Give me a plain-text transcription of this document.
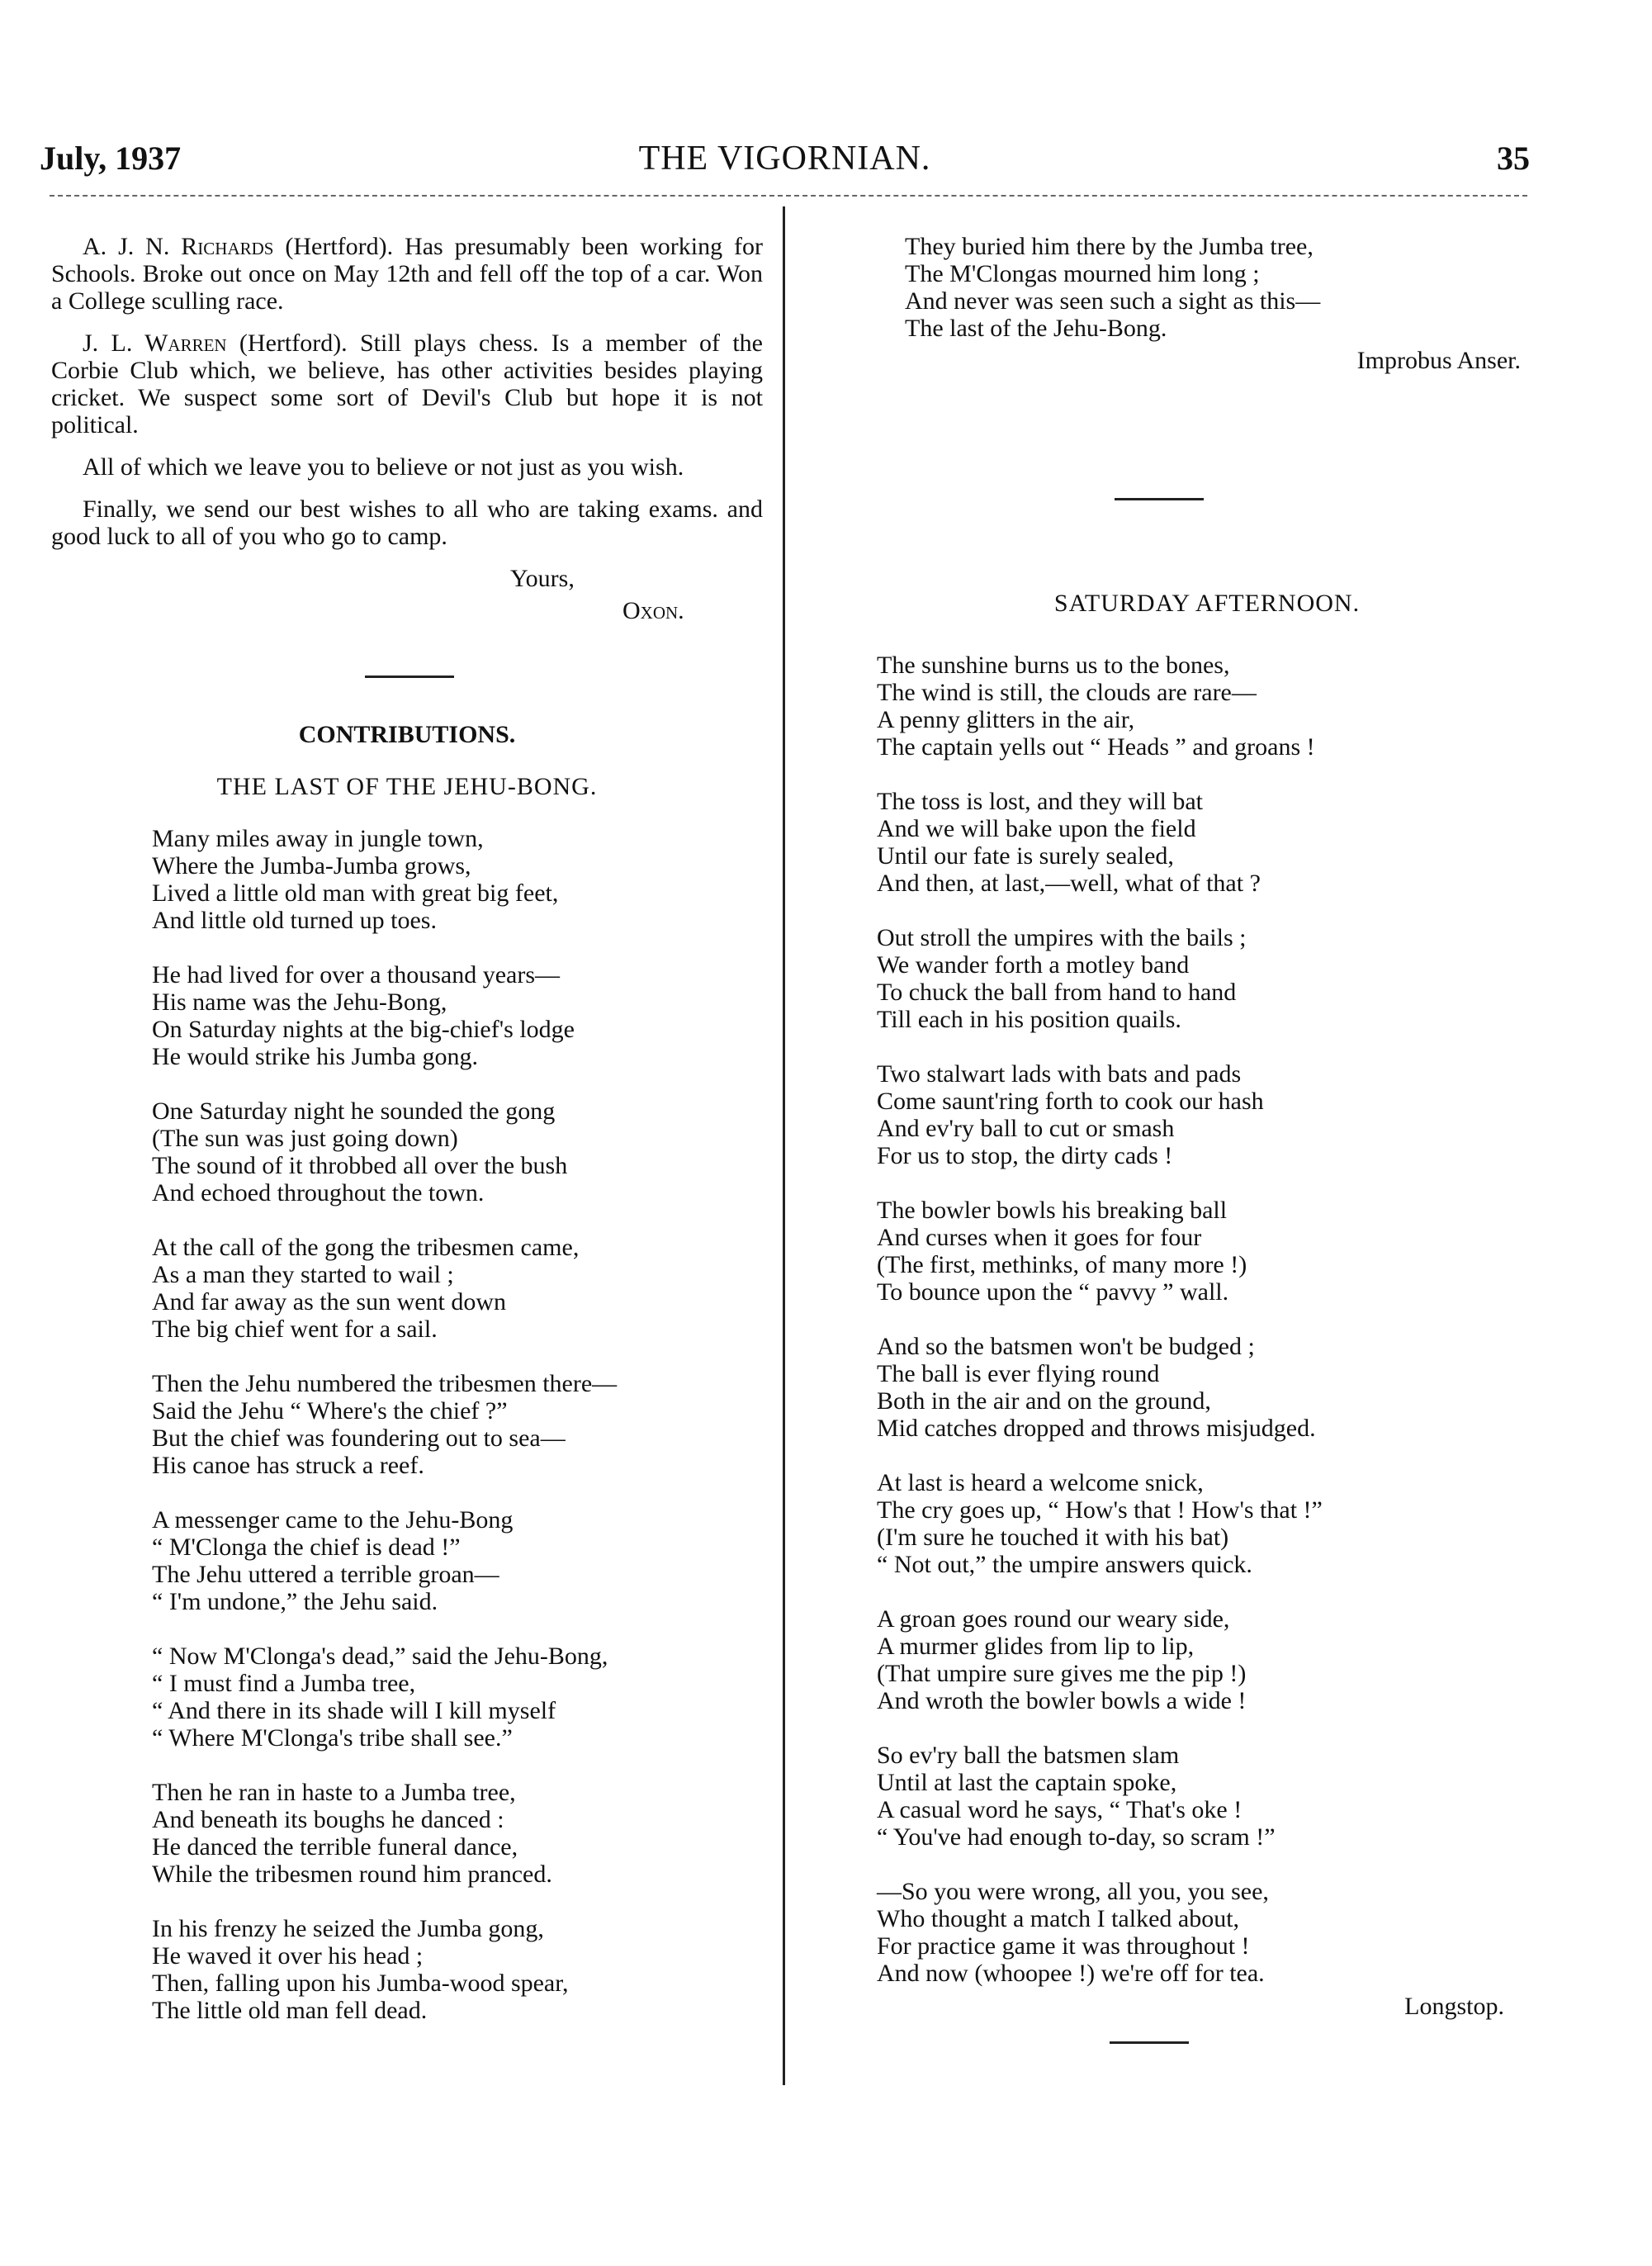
July, 1937	THE VIGORNIAN.	35

A. J. N. Richards (Hertford). Has presumably been working for Schools. Broke out once on May 12th and fell off the top of a car. Won a College sculling race.

J. L. Warren (Hertford). Still plays chess. Is a member of the Corbie Club which, we believe, has other activities besides playing cricket. We suspect some sort of Devil's Club but hope it is not political.

All of which we leave you to believe or not just as you wish.

Finally, we send our best wishes to all who are taking exams. and good luck to all of you who go to camp.

Yours,
Oxon.

CONTRIBUTIONS.

THE LAST OF THE JEHU-BONG.

Many miles away in jungle town,
Where the Jumba-Jumba grows,
Lived a little old man with great big feet,
And little old turned up toes.
He had lived for over a thousand years—
His name was the Jehu-Bong,
On Saturday nights at the big-chief's lodge
He would strike his Jumba gong.
One Saturday night he sounded the gong
(The sun was just going down)
The sound of it throbbed all over the bush
And echoed throughout the town.
At the call of the gong the tribesmen came,
As a man they started to wail ;
And far away as the sun went down
The big chief went for a sail.
Then the Jehu numbered the tribesmen there—
Said the Jehu “ Where's the chief ?”
But the chief was foundering out to sea—
His canoe has struck a reef.
A messenger came to the Jehu-Bong
“ M'Clonga the chief is dead !”
The Jehu uttered a terrible groan—
“ I'm undone,” the Jehu said.
“ Now M'Clonga's dead,” said the Jehu-Bong,
“ I must find a Jumba tree,
“ And there in its shade will I kill myself
“ Where M'Clonga's tribe shall see.”
Then he ran in haste to a Jumba tree,
And beneath its boughs he danced :
He danced the terrible funeral dance,
While the tribesmen round him pranced.
In his frenzy he seized the Jumba gong,
He waved it over his head ;
Then, falling upon his Jumba-wood spear,
The little old man fell dead.
They buried him there by the Jumba tree,
The M'Clongas mourned him long ;
And never was seen such a sight as this—
The last of the Jehu-Bong.
Improbus Anser.

SATURDAY AFTERNOON.

The sunshine burns us to the bones,
The wind is still, the clouds are rare—
A penny glitters in the air,
The captain yells out “ Heads ” and groans !
The toss is lost, and they will bat
And we will bake upon the field
Until our fate is surely sealed,
And then, at last,—well, what of that ?
Out stroll the umpires with the bails ;
We wander forth a motley band
To chuck the ball from hand to hand
Till each in his position quails.
Two stalwart lads with bats and pads
Come saunt'ring forth to cook our hash
And ev'ry ball to cut or smash
For us to stop, the dirty cads !
The bowler bowls his breaking ball
And curses when it goes for four
(The first, methinks, of many more !)
To bounce upon the “ pavvy ” wall.
And so the batsmen won't be budged ;
The ball is ever flying round
Both in the air and on the ground,
Mid catches dropped and throws misjudged.
At last is heard a welcome snick,
The cry goes up, “ How's that ! How's that !”
(I'm sure he touched it with his bat)
“ Not out,” the umpire answers quick.
A groan goes round our weary side,
A murmer glides from lip to lip,
(That umpire sure gives me the pip !)
And wroth the bowler bowls a wide !
So ev'ry ball the batsmen slam
Until at last the captain spoke,
A casual word he says, “ That's oke !
“ You've had enough to-day, so scram !”
—So you were wrong, all you, you see,
Who thought a match I talked about,
For practice game it was throughout !
And now (whoopee !) we're off for tea.
Longstop.
